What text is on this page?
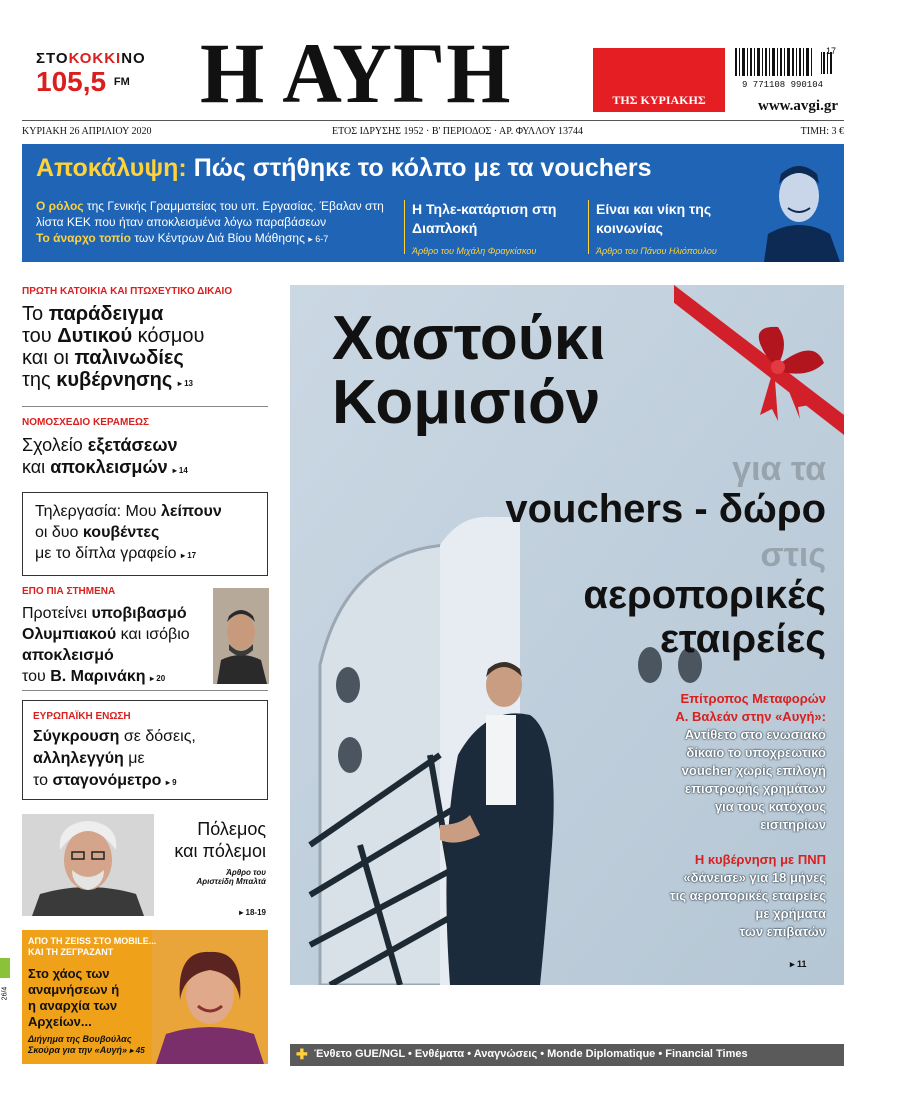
ΣΤΟΚΟΚΚΙΝΟ
105,5 $^{FM}$ Η ΑΥΓΗ	ΤΗΣ ΚΥΡΙΑΚΗΣ
17
9 771108 990104
www.avgi.gr
ΚΥΡΙΑΚΗ 26 ΑΠΡΙΛΙΟΥ 2020	ΕΤΟΣ ΙΔΡΥΣΗΣ 1952 · Β' ΠΕΡΙΟΔΟΣ · ΑΡ. ΦΥΛΛΟΥ 13744	ΤΙΜΗ: 3 €
Αποκάλυψη: Πώς στήθηκε το κόλπο με τα vouchers
Ο ρόλος της Γενικής Γραμματείας του υπ. Εργασίας. Έβαλαν στη λίστα ΚΕΚ που ήταν αποκλεισμένα λόγω παραβάσεων
Το άναρχο τοπίο των Κέντρων Διά Βίου Μάθησης ▸ 6-7
Η Τηλε-κατάρτιση στη Διαπλοκή
Άρθρο του Μιχάλη Φραγκίσκου
Είναι και νίκη της κοινωνίας
Άρθρο του Πάνου Ηλιόπουλου
ΠΡΩΤΗ ΚΑΤΟΙΚΙΑ ΚΑΙ ΠΤΩΧΕΥΤΙΚΟ ΔΙΚΑΙΟ
Το παράδειγμα
του Δυτικού κόσμου
και οι παλινωδίες
της κυβέρνησης ▸ 13
ΝΟΜΟΣΧΕΔΙΟ ΚΕΡΑΜΕΩΣ
Σχολείο εξετάσεων
και αποκλεισμών ▸ 14
Τηλεργασία: Μου λείπουν
οι δυο κουβέντες
με το δίπλα γραφείο ▸ 17
ΕΠΟ ΠΙΑ ΣΤΗΜΕΝΑ
Προτείνει υποβιβασμό
Ολυμπιακού και ισόβιο
αποκλεισμό
του Β. Μαρινάκη ▸ 20
ΕΥΡΩΠΑΪΚΗ ΕΝΩΣΗ
Σύγκρουση σε δόσεις,
αλληλεγγύη με
το σταγονόμετρο ▸ 9
Πόλεμος
και πόλεμοι
Άρθρο του
Αριστείδη Μπαλτά
▸ 18-19
ΑΠΟ ΤΗ ZEISS ΣΤΟ MOBILE...
ΚΑΙ ΤΗ ΖΕΓΡΑΖΑΝΤ
Στο χάος των
αναμνήσεων ή
η αναρχία των
Αρχείων...
Διήγημα της Βουβούλας
Σκούρα για την «Αυγή» ▸ 45
26/4
Χαστούκι
Κομισιόν
για τα
vouchers - δώρο
στις
αεροπορικές
εταιρείες
Επίτροπος Μεταφορών
Α. Βαλεάν στην «Αυγή»:
Αντίθετο στο ενωσιακό
δίκαιο το υποχρεωτικό
voucher χωρίς επιλογή
επιστροφής χρημάτων
για τους κατόχους
εισιτηρίων
Η κυβέρνηση με ΠΝΠ
«δάνεισε» για 18 μήνες
τις αεροπορικές εταιρείες
με χρήματα
των επιβατών
▸ 11
✚ Ένθετο GUE/NGL • Ενθέματα • Αναγνώσεις • Monde Diplomatique • Financial Times
